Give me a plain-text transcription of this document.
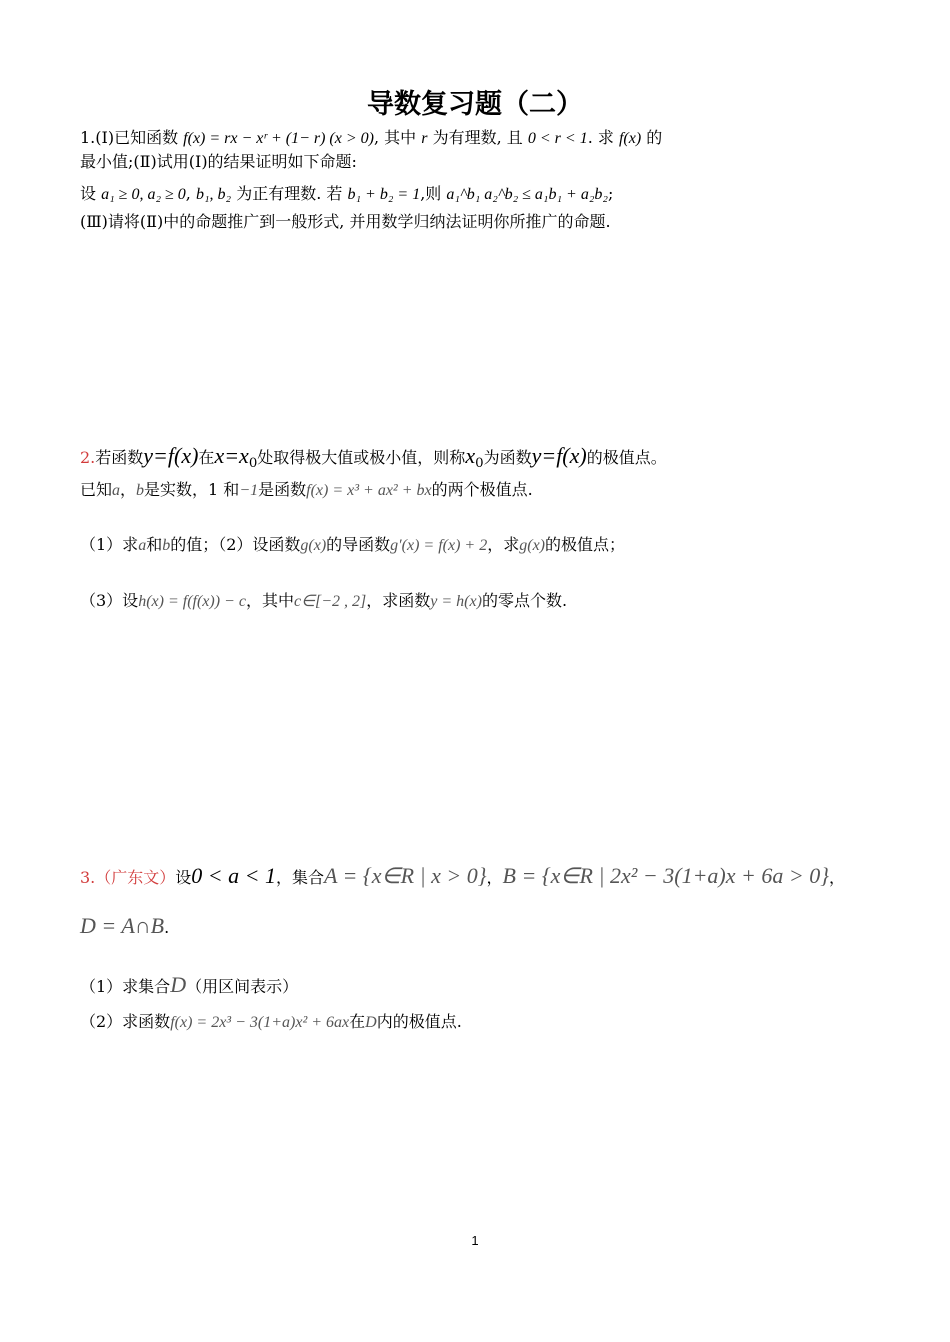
导数复习题（二）
1.(Ⅰ)已知函数 f(x) = rx − xʳ + (1− r) (x > 0), 其中 r 为有理数, 且 0 < r < 1. 求 f(x) 的
最小值;(Ⅱ)试用(Ⅰ)的结果证明如下命题:
设 a₁ ≥ 0, a₂ ≥ 0, b₁, b₂ 为正有理数. 若 b₁ + b₂ = 1,则 a₁^b₁ a₂^b₂ ≤ a₁b₁ + a₂b₂;
(Ⅲ)请将(Ⅱ)中的命题推广到一般形式, 并用数学归纳法证明你所推广的命题.
2.若函数y=f(x)在$x=x_0$处取得极大值或极小值，则称$x_0$为函数y=f(x)的极值点。
已知a，b是实数，1 和−1是函数f(x) = x³ + ax² + bx的两个极值点.
（1）求a和b的值；（2）设函数g(x)的导函数g′(x) = f(x) + 2，求g(x)的极值点；
（3）设h(x) = f(f(x)) − c，其中c∈[−2 , 2]，求函数y = h(x)的零点个数.
3.（广东文）设0 < a < 1，集合A = {x∈R | x > 0}，B = {x∈R | 2x² − 3(1+a)x + 6a > 0}，
D = A∩B.
（1）求集合D（用区间表示）
（2）求函数f(x) = 2x³ − 3(1+a)x² + 6ax在D内的极值点.
1
